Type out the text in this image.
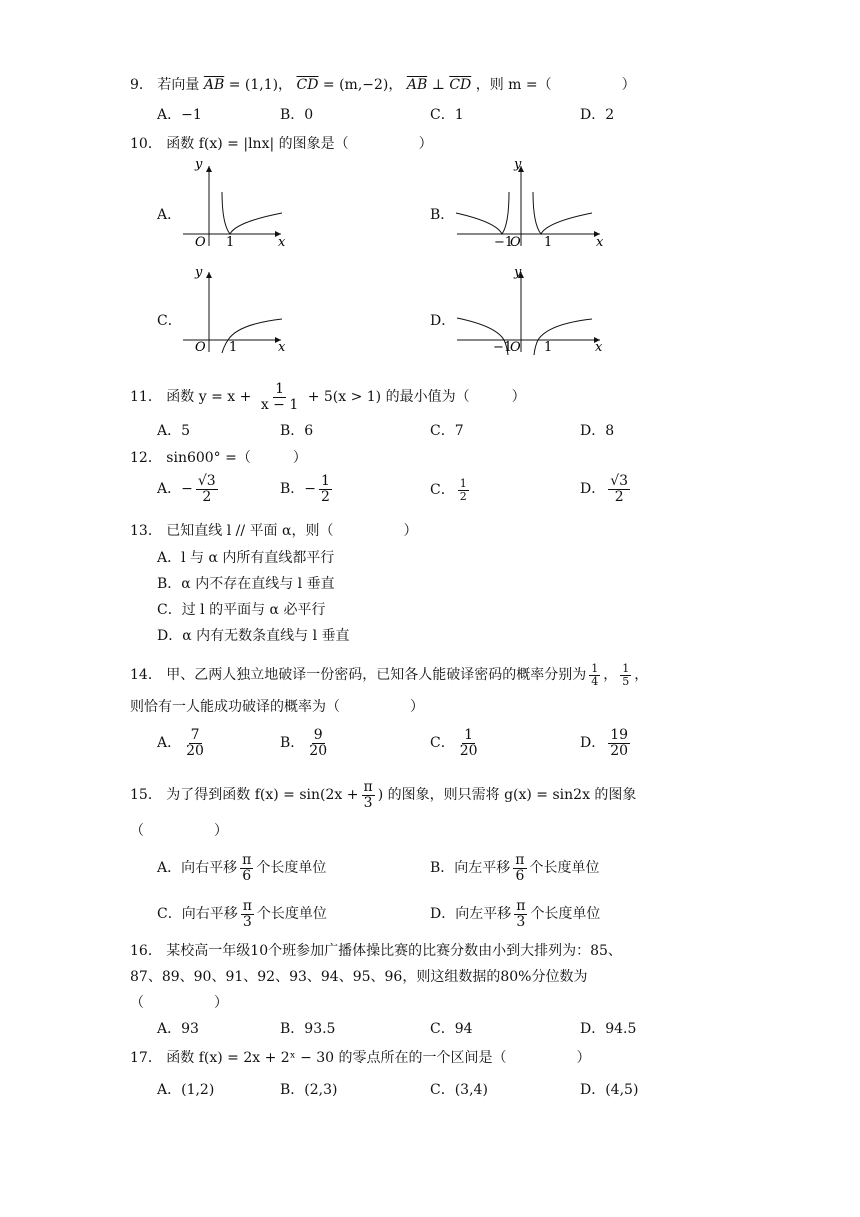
9． 若向量 $\overline{AB} = (1,1)$， $\overline{CD} = (m,-2)$， $\overline{AB}$ ⊥ $\overline{CD}$ ，则 m =（　　　　　）
A．−1	B．0	C．1	D．2
10． 函数 f(x) = |lnx| 的图象是（　　　　　）
A．
y
x
O 1
B．
y
x
O
−1 1
C．
y
x
O 1
D．
y
x
O
−1 1
11． 函数 $y = x + \frac{1}{x - 1} + 5(x > 1)$ 的最小值为（　　　）
A．5	B．6	C．7	D．8
12． sin600° =（　　　）
A．− $\frac{√3}{2}$	B．− $\frac{1}{2}$	C． $\frac{1}{2}$	D． $\frac{√3}{2}$
13． 已知直线 l // 平面 α，则（　　　　　）
A．l 与 α 内所有直线都平行
B．α 内不存在直线与 l 垂直
C．过 l 的平面与 α 必平行
D．α 内有无数条直线与 l 垂直
14． 甲、乙两人独立地破译一份密码，已知各人能破译密码的概率分别为 $\frac{1}{4}$ ， $\frac{1}{5}$ ，
则恰有一人能成功破译的概率为（　　　　　）
A． $\frac{7}{20}$	B． $\frac{9}{20}$	C． $\frac{1}{20}$	D． $\frac{19}{20}$
15． 为了得到函数 $f(x) = \sin(2x + \frac{\pi}{3}$ ) 的图象，则只需将 g(x) = sin2x 的图象
（　　　　　）
A．向右平移 $\frac{\pi}{6}$ 个长度单位	B．向左平移 $\frac{\pi}{6}$ 个长度单位
C．向右平移 $\frac{\pi}{3}$ 个长度单位	D．向左平移 $\frac{\pi}{3}$ 个长度单位
16． 某校高一年级10个班参加广播体操比赛的比赛分数由小到大排列为：85、
87、89、90、91、92、93、94、95、96，则这组数据的80%分位数为
（　　　　　）
A．93	B．93.5	C．94	D．94.5
17． 函数 f(x) = 2x + 2ˣ − 30 的零点所在的一个区间是（　　　　　）
A．(1,2)	B．(2,3)	C．(3,4)	D．(4,5)
